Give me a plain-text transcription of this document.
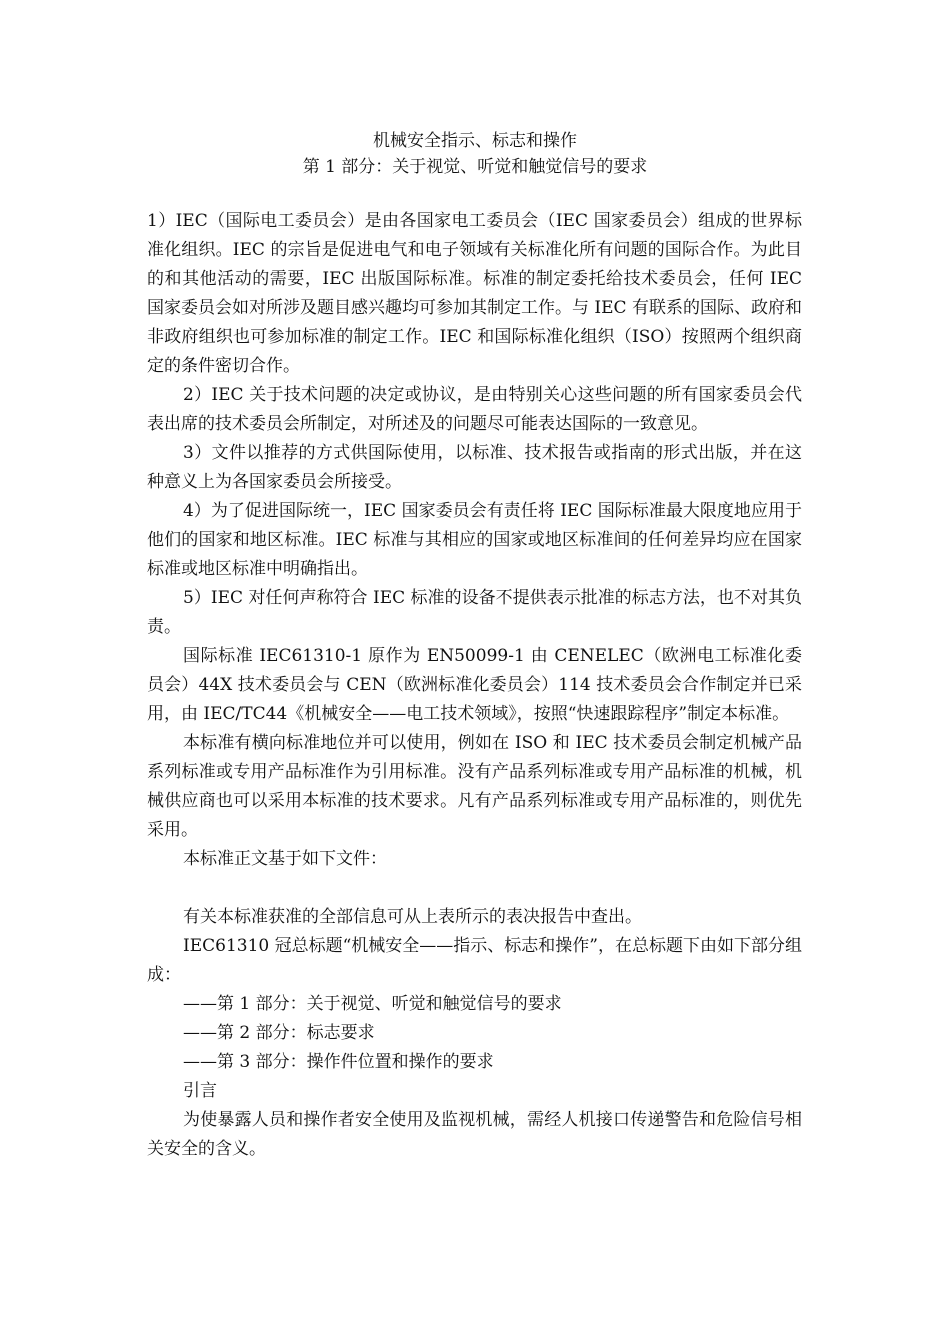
机械安全指示、标志和操作
第 1 部分：关于视觉、听觉和触觉信号的要求

1）IEC（国际电工委员会）是由各国家电工委员会（IEC 国家委员会）组成的世界标准化组织。IEC 的宗旨是促进电气和电子领域有关标准化所有问题的国际合作。为此目的和其他活动的需要，IEC 出版国际标准。标准的制定委托给技术委员会，任何 IEC 国家委员会如对所涉及题目感兴趣均可参加其制定工作。与 IEC 有联系的国际、政府和非政府组织也可参加标准的制定工作。IEC 和国际标准化组织（ISO）按照两个组织商定的条件密切合作。

2）IEC 关于技术问题的决定或协议，是由特别关心这些问题的所有国家委员会代表出席的技术委员会所制定，对所述及的问题尽可能表达国际的一致意见。

3）文件以推荐的方式供国际使用，以标准、技术报告或指南的形式出版，并在这种意义上为各国家委员会所接受。

4）为了促进国际统一，IEC 国家委员会有责任将 IEC 国际标准最大限度地应用于他们的国家和地区标准。IEC 标准与其相应的国家或地区标准间的任何差异均应在国家标准或地区标准中明确指出。

5）IEC 对任何声称符合 IEC 标准的设备不提供表示批准的标志方法，也不对其负责。

国际标准 IEC61310-1 原作为 EN50099-1 由 CENELEC（欧洲电工标准化委员会）44X 技术委员会与 CEN（欧洲标准化委员会）114 技术委员会合作制定并已采用，由 IEC/TC44《机械安全——电工技术领域》，按照“快速跟踪程序”制定本标准。

本标准有横向标准地位并可以使用，例如在 ISO 和 IEC 技术委员会制定机械产品系列标准或专用产品标准作为引用标准。没有产品系列标准或专用产品标准的机械，机械供应商也可以采用本标准的技术要求。凡有产品系列标准或专用产品标准的，则优先采用。

本标准正文基于如下文件：

有关本标准获准的全部信息可从上表所示的表决报告中查出。

IEC61310 冠总标题“机械安全——指示、标志和操作”，在总标题下由如下部分组成：

——第 1 部分：关于视觉、听觉和触觉信号的要求

——第 2 部分：标志要求

——第 3 部分：操作件位置和操作的要求

引言

为使暴露人员和操作者安全使用及监视机械，需经人机接口传递警告和危险信号相关安全的含义。
